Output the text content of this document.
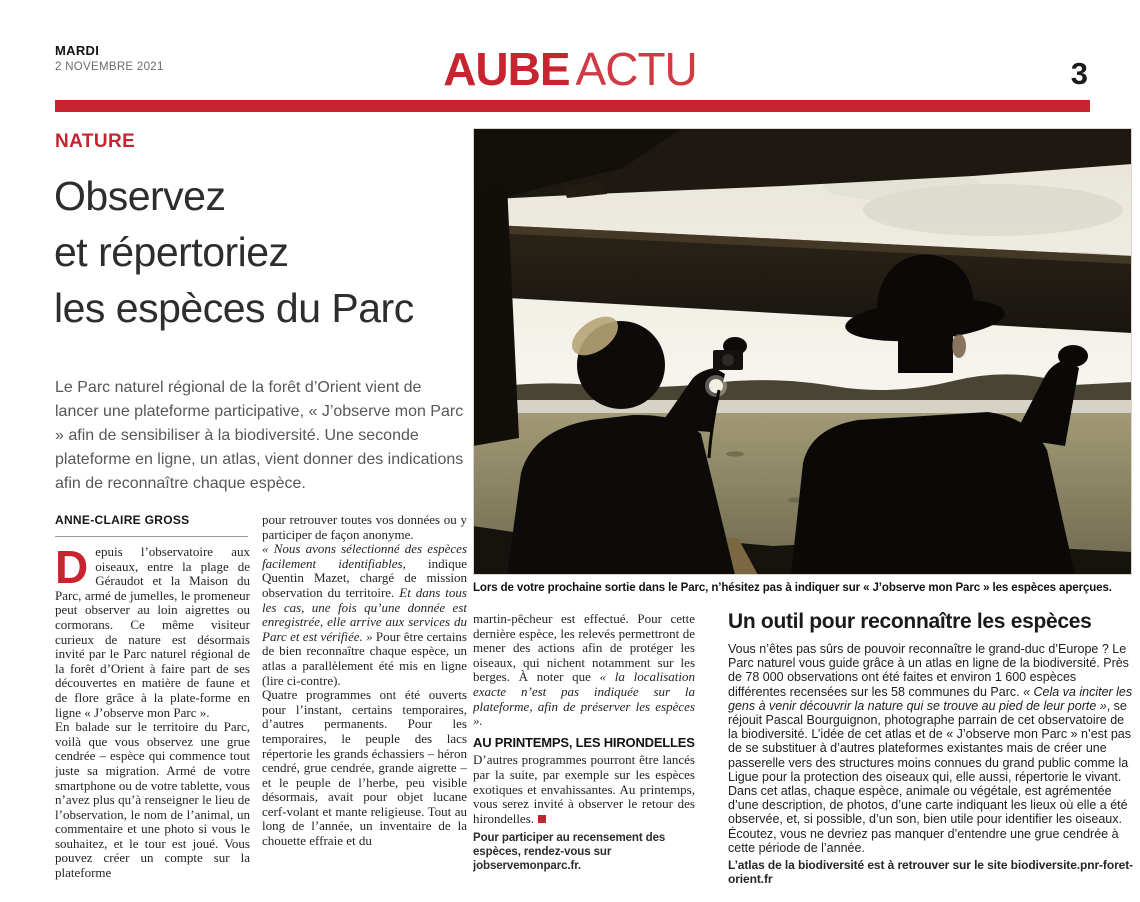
MARDI
2 NOVEMBRE 2021	AUBE ACTU	3
NATURE
Observez
et répertoriez
les espèces du Parc
Le Parc naturel régional de la forêt d’Orient vient de lancer une plateforme participative, « J’observe mon Parc » afin de sensibiliser à la biodiversité. Une seconde plateforme en ligne, un atlas, vient donner des indications afin de reconnaître chaque espèce.
ANNE-CLAIRE GROSS

Depuis l’observatoire aux oiseaux, entre la plage de Géraudot et la Maison du Parc, armé de jumelles, le promeneur peut observer au loin aigrettes ou cormorans. Ce même visiteur curieux de nature est désormais invité par le Parc naturel régional de la forêt d’Orient à faire part de ses découvertes en matière de faune et de flore grâce à la plate-forme en ligne « J’observe mon Parc ».

En balade sur le territoire du Parc, voilà que vous observez une grue cendrée – espèce qui commence tout juste sa migration. Armé de votre smartphone ou de votre tablette, vous n’avez plus qu’à renseigner le lieu de l’observation, le nom de l’animal, un commentaire et une photo si vous le souhaitez, et le tour est joué. Vous pouvez créer un compte sur la plateforme

pour retrouver toutes vos données ou y participer de façon anonyme.

« Nous avons sélectionné des espèces facilement identifiables, indique Quentin Mazet, chargé de mission observation du territoire. Et dans tous les cas, une fois qu’une donnée est enregistrée, elle arrive aux services du Parc et est vérifiée. » Pour être certains de bien reconnaître chaque espèce, un atlas a parallèlement été mis en ligne (lire ci-contre).

Quatre programmes ont été ouverts pour l’instant, certains temporaires, d’autres permanents. Pour les temporaires, le peuple des lacs répertorie les grands échassiers – héron cendré, grue cendrée, grande aigrette – et le peuple de l’herbe, peu visible désormais, avait pour objet lucane cerf-volant et mante religieuse. Tout au long de l’année, un inventaire de la chouette effraie et du

Lors de votre prochaine sortie dans le Parc, n’hésitez pas à indiquer sur « J’observe mon Parc » les espèces aperçues.

martin-pêcheur est effectué. Pour cette dernière espèce, les relevés permettront de mener des actions afin de protéger les oiseaux, qui nichent notamment sur les berges. À noter que « la localisation exacte n’est pas indiquée sur la plateforme, afin de préserver les espèces ».

AU PRINTEMPS, LES HIRONDELLES

D’autres programmes pourront être lancés par la suite, par exemple sur les espèces exotiques et envahissantes. Au printemps, vous serez invité à observer le retour des hirondelles.

Pour participer au recensement des espèces, rendez-vous sur jobservemonparc.fr.
Un outil pour reconnaître les espèces

Vous n’êtes pas sûrs de pouvoir reconnaître le grand-duc d’Europe ? Le Parc naturel vous guide grâce à un atlas en ligne de la biodiversité. Près de 78 000 observations ont été faites et environ 1 600 espèces différentes recensées sur les 58 communes du Parc. « Cela va inciter les gens à venir découvrir la nature qui se trouve au pied de leur porte », se réjouit Pascal Bourguignon, photographe parrain de cet observatoire de la biodiversité. L’idée de cet atlas et de « J’observe mon Parc » n’est pas de se substituer à d’autres plateformes existantes mais de créer une passerelle vers des structures moins connues du grand public comme la Ligue pour la protection des oiseaux qui, elle aussi, répertorie le vivant.

Dans cet atlas, chaque espèce, animale ou végétale, est agrémentée d’une description, de photos, d’une carte indiquant les lieux où elle a été observée, et, si possible, d’un son, bien utile pour identifier les oiseaux. Écoutez, vous ne devriez pas manquer d’entendre une grue cendrée à cette période de l’année.

L’atlas de la biodiversité est à retrouver sur le site biodiversite.pnr-foret-orient.fr
